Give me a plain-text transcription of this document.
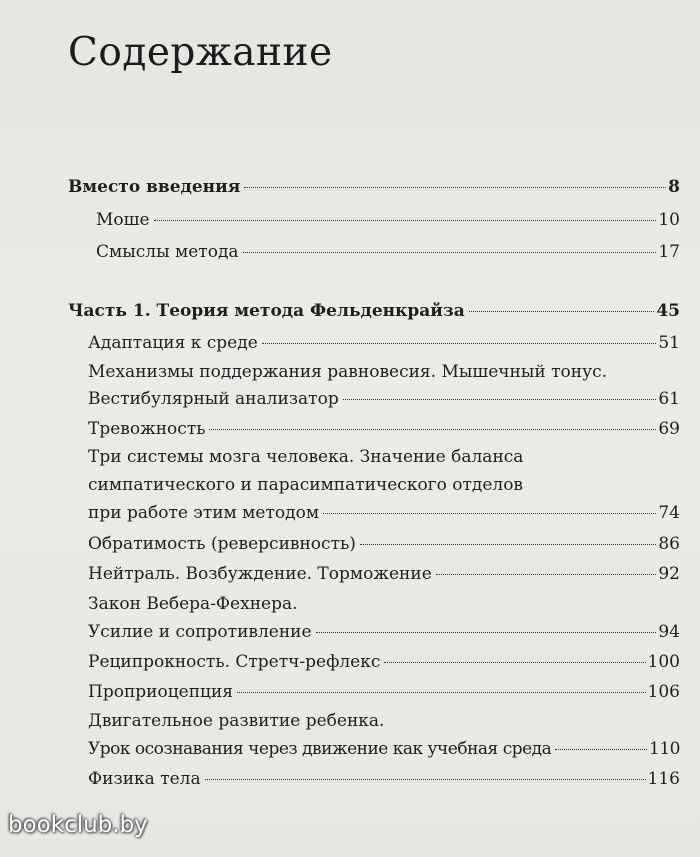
Содержание
Вместо введения	8
Моше	10
Смыслы метода	17
Часть 1. Теория метода Фельденкрайза	45
Адаптация к среде	51
Механизмы поддержания равновесия. Мышечный тонус.
Вестибулярный анализатор	61
Тревожность	69
Три системы мозга человека. Значение баланса
симпатического и парасимпатического отделов
при работе этим методом	74
Обратимость (реверсивность)	86
Нейтраль. Возбуждение. Торможение	92
Закон Вебера-Фехнера.
Усилие и сопротивление	94
Реципрокность. Стретч-рефлекс	100
Проприоцепция	106
Двигательное развитие ребенка.
Урок осознавания через движение как учебная среда	110
Физика тела	116
bookclub.by
